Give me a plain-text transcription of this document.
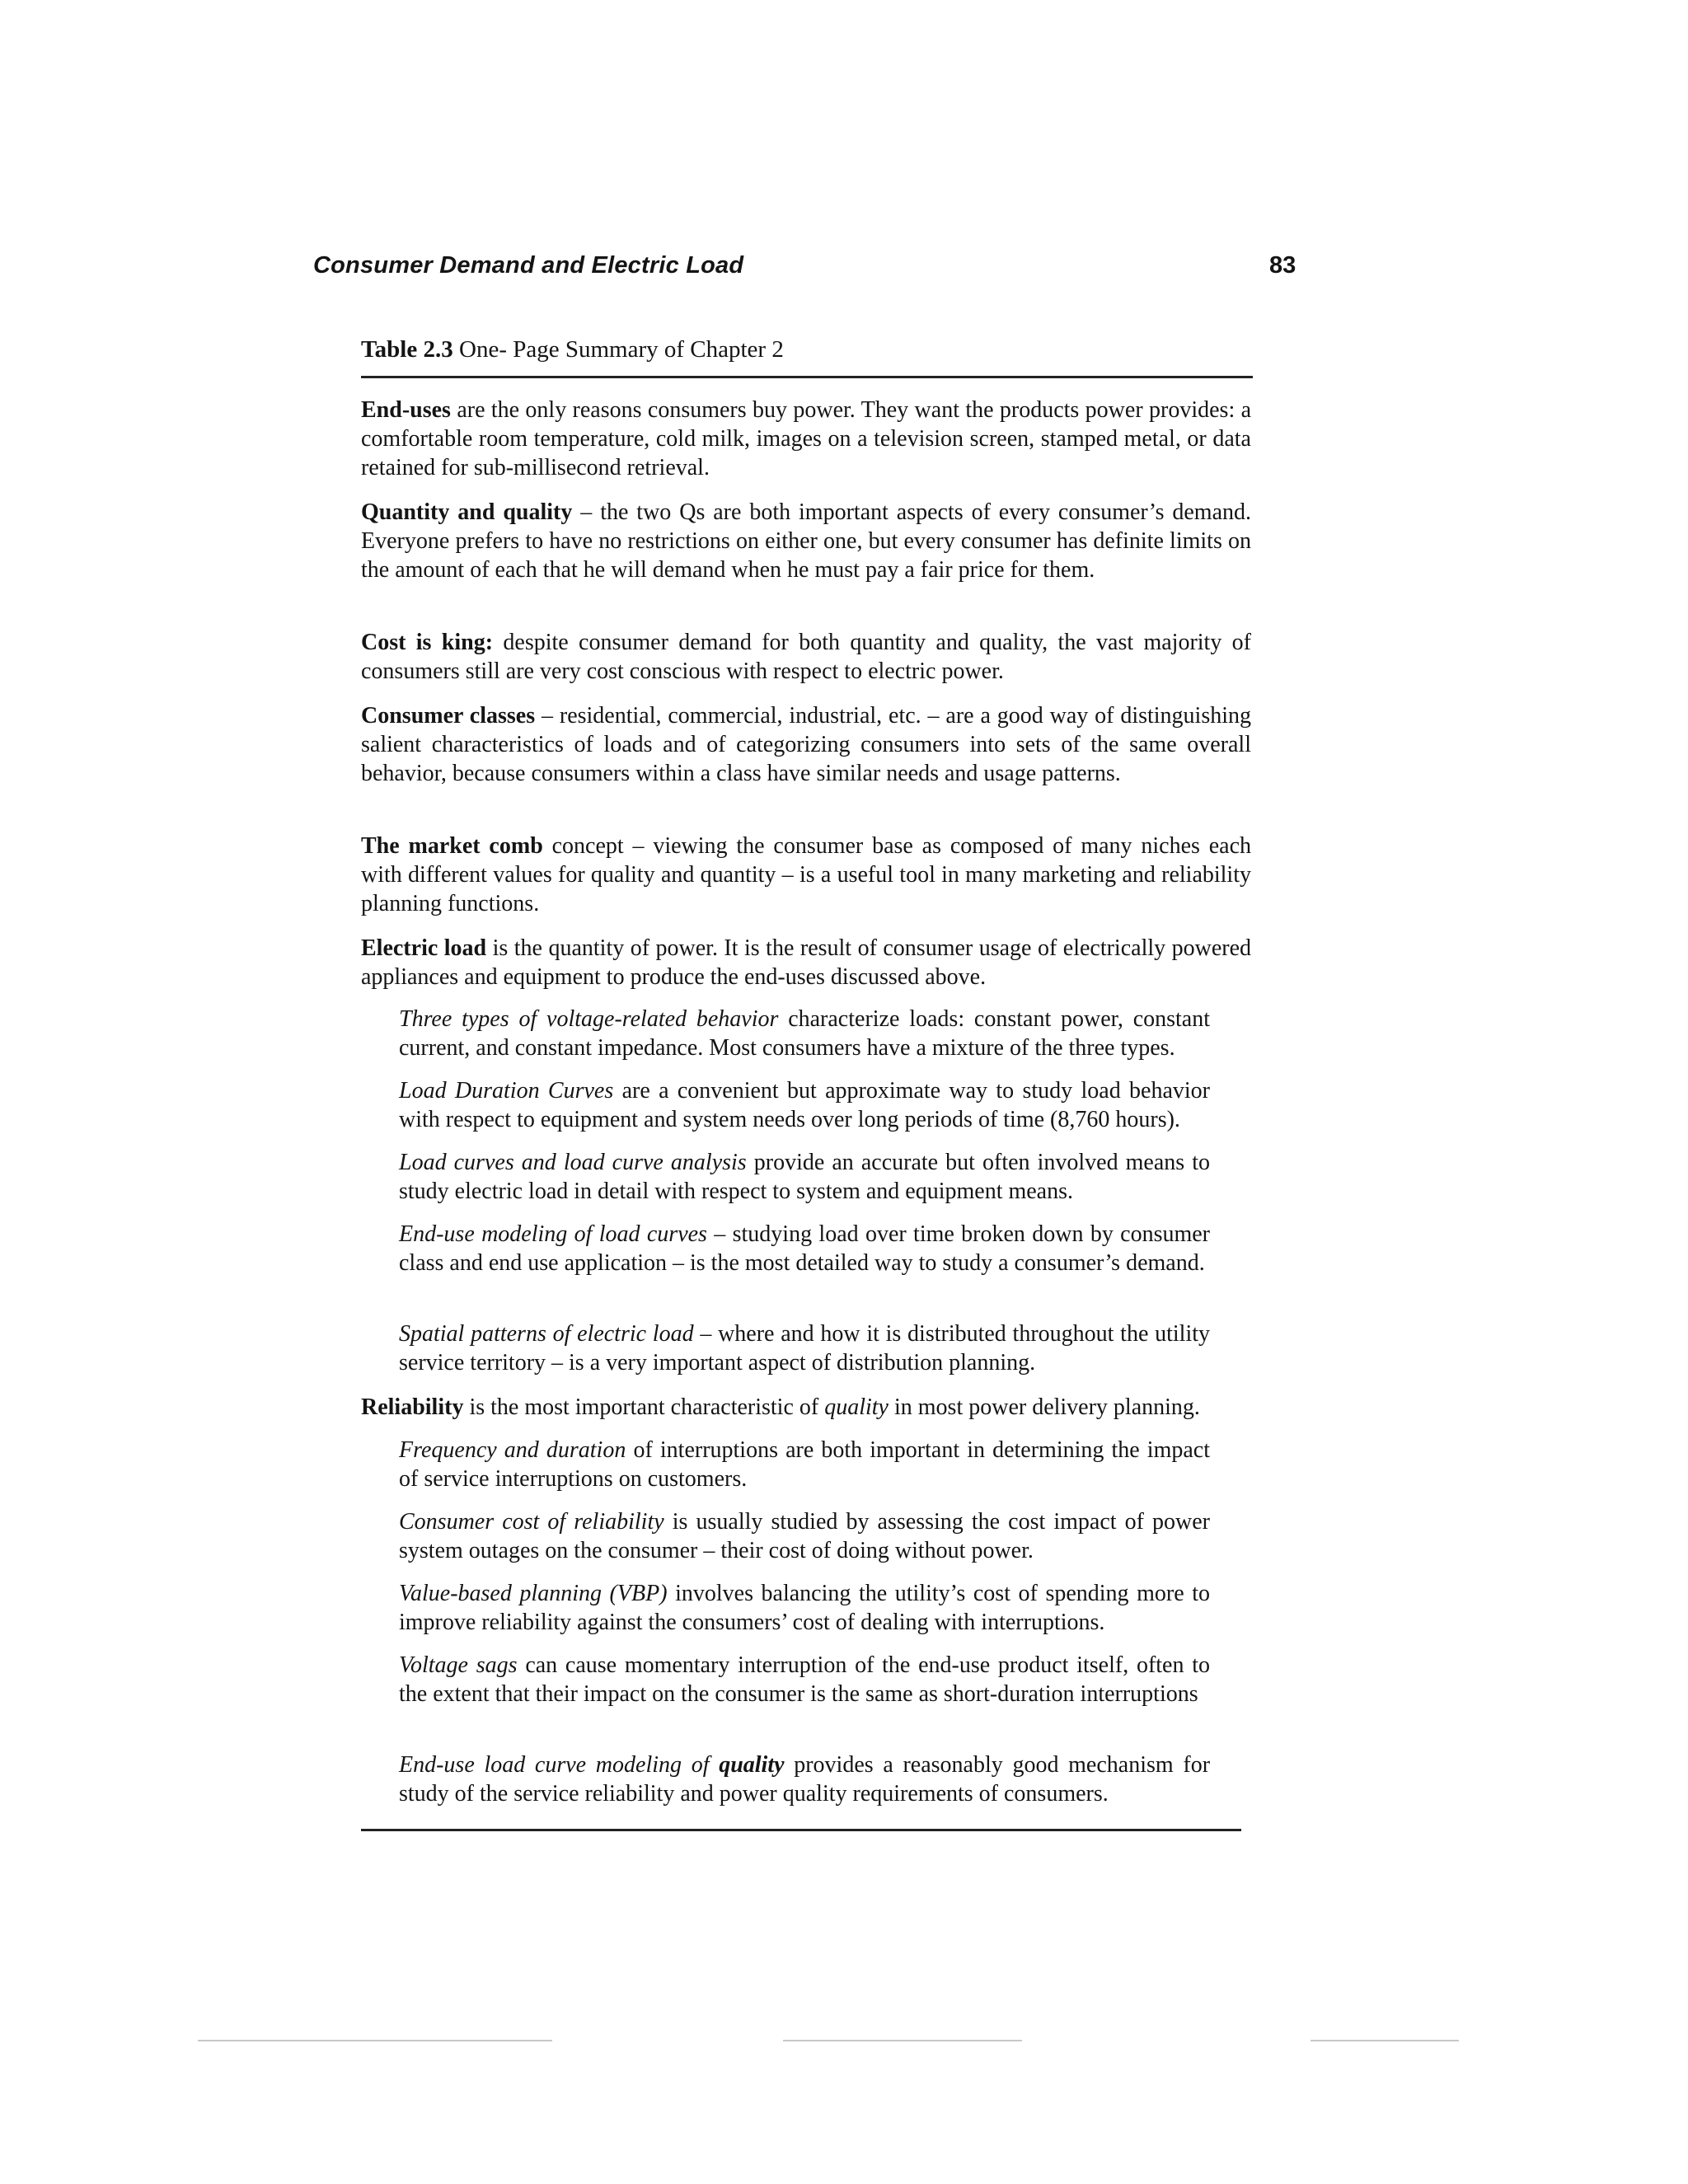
Consumer Demand and Electric Load	83
Table 2.3 One- Page Summary of Chapter 2

End-uses are the only reasons consumers buy power. They want the products power provides: a comfortable room temperature, cold milk, images on a television screen, stamped metal, or data retained for sub-millisecond retrieval.

Quantity and quality – the two Qs are both important aspects of every consumer’s demand. Everyone prefers to have no restrictions on either one, but every consumer has definite limits on the amount of each that he will demand when he must pay a fair price for them.

Cost is king: despite consumer demand for both quantity and quality, the vast majority of consumers still are very cost conscious with respect to electric power.

Consumer classes – residential, commercial, industrial, etc. – are a good way of distinguishing salient characteristics of loads and of categorizing consumers into sets of the same overall behavior, because consumers within a class have similar needs and usage patterns.

The market comb concept – viewing the consumer base as composed of many niches each with different values for quality and quantity – is a useful tool in many marketing and reliability planning functions.

Electric load is the quantity of power. It is the result of consumer usage of electrically powered appliances and equipment to produce the end-uses discussed above.

Three types of voltage-related behavior characterize loads: constant power, constant current, and constant impedance. Most consumers have a mixture of the three types.

Load Duration Curves are a convenient but approximate way to study load behavior with respect to equipment and system needs over long periods of time (8,760 hours).

Load curves and load curve analysis provide an accurate but often involved means to study electric load in detail with respect to system and equipment means.

End-use modeling of load curves – studying load over time broken down by consumer class and end use application – is the most detailed way to study a consumer’s demand.

Spatial patterns of electric load – where and how it is distributed throughout the utility service territory – is a very important aspect of distribution planning.

Reliability is the most important characteristic of quality in most power delivery planning.

Frequency and duration of interruptions are both important in determining the impact of service interruptions on customers.

Consumer cost of reliability is usually studied by assessing the cost impact of power system outages on the consumer – their cost of doing without power.

Value-based planning (VBP) involves balancing the utility’s cost of spending more to improve reliability against the consumers’ cost of dealing with interruptions.

Voltage sags can cause momentary interruption of the end-use product itself, often to the extent that their impact on the consumer is the same as short-duration interruptions

End-use load curve modeling of quality provides a reasonably good mechanism for study of the service reliability and power quality requirements of consumers.
